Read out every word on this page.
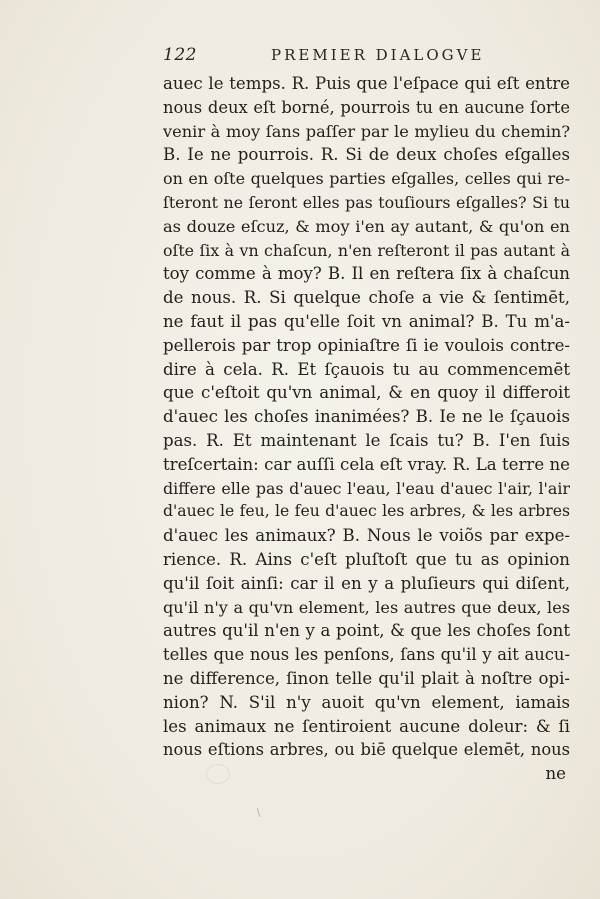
122	PREMIER DIALOGVE
auec le temps. R. Puis que l'eſpace qui eſt entre
nous deux eſt borné, pourrois tu en aucune ſorte
venir à moy ſans paſſer par le mylieu du chemin?
B. Ie ne pourrois. R. Si de deux choſes eſgalles
on en oſte quelques parties eſgalles, celles qui re-
ſteront ne ſeront elles pas touſiours eſgalles? Si tu
as douze eſcuz, & moy i'en ay autant, & qu'on en
oſte ſix à vn chaſcun, n'en reſteront il pas autant à
toy comme à moy? B. Il en reſtera ſix à chaſcun
de nous. R. Si quelque choſe a vie & ſentimēt,
ne faut il pas qu'elle ſoit vn animal? B. Tu m'a-
pellerois par trop opiniaſtre ſi ie voulois contre-
dire à cela. R. Et ſçauois tu au commencemēt
que c'eſtoit qu'vn animal, & en quoy il differoit
d'auec les choſes inanimées? B. Ie ne le ſçauois
pas. R. Et maintenant le ſcais tu? B. I'en ſuis
treſcertain: car auſſi cela eſt vray. R. La terre ne
differe elle pas d'auec l'eau, l'eau d'auec l'air, l'air
d'auec le feu, le feu d'auec les arbres, & les arbres
d'auec les animaux? B. Nous le voiõs par expe-
rience. R. Ains c'eſt pluſtoſt que tu as opinion
qu'il ſoit ainſi: car il en y a pluſieurs qui diſent,
qu'il n'y a qu'vn element, les autres que deux, les
autres qu'il n'en y a point, & que les choſes ſont
telles que nous les penſons, ſans qu'il y ait aucu-
ne difference, ſinon telle qu'il plait à noſtre opi-
nion? N. S'il n'y auoit qu'vn element, iamais
les animaux ne ſentiroient aucune doleur: & ſi
nous eſtions arbres, ou biē quelque elemēt, nous
ne
